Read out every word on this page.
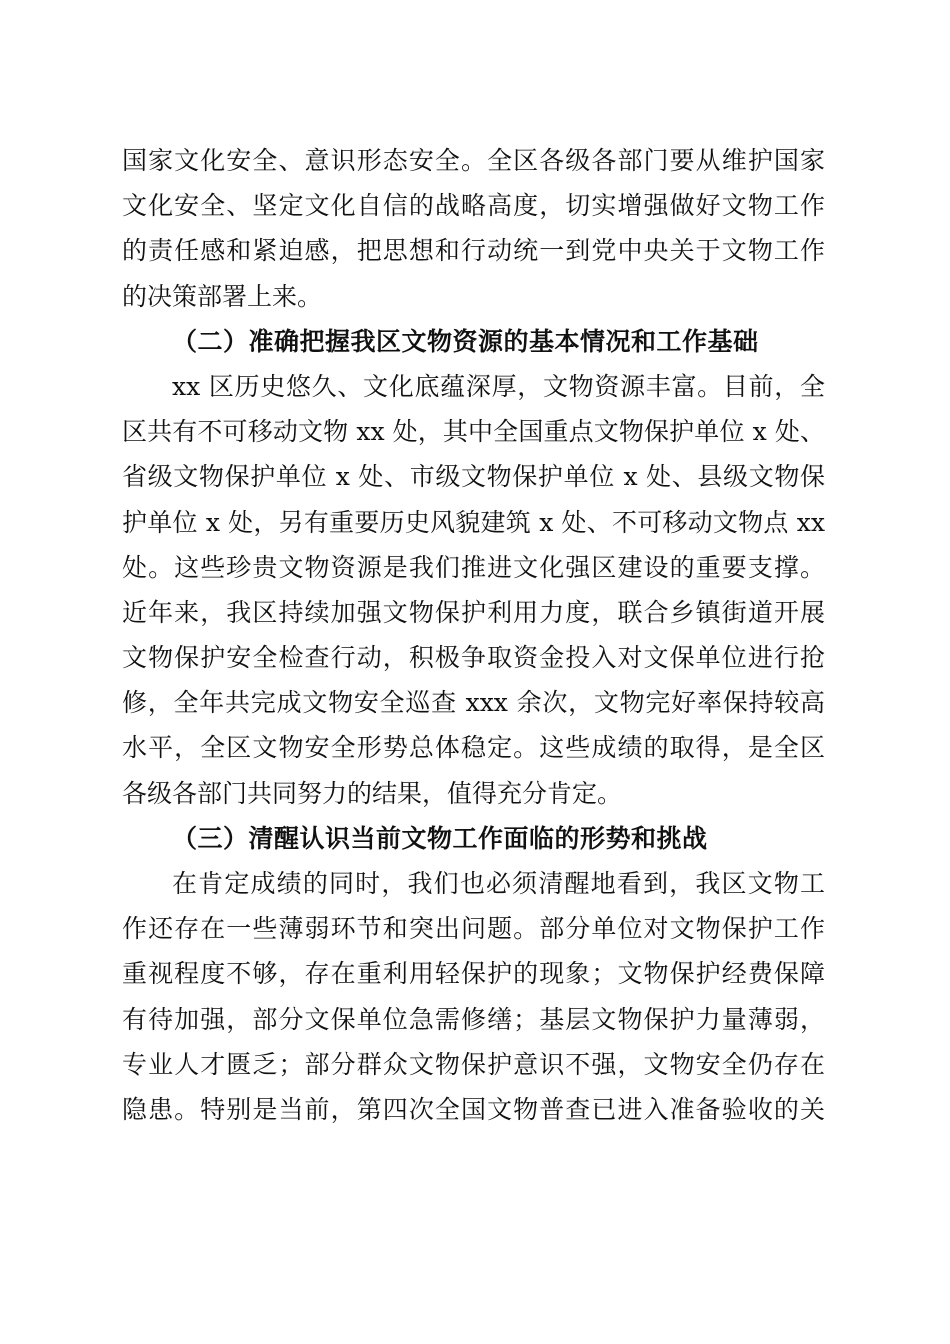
国家文化安全、意识形态安全。全区各级各部门要从维护国家
文化安全、坚定文化自信的战略高度，切实增强做好文物工作
的责任感和紧迫感，把思想和行动统一到党中央关于文物工作
的决策部署上来。
（二）准确把握我区文物资源的基本情况和工作基础
xx 区历史悠久、文化底蕴深厚，文物资源丰富。目前，全
区共有不可移动文物 xx 处，其中全国重点文物保护单位 x 处、
省级文物保护单位 x 处、市级文物保护单位 x 处、县级文物保
护单位 x 处，另有重要历史风貌建筑 x 处、不可移动文物点 xx
处。这些珍贵文物资源是我们推进文化强区建设的重要支撑。
近年来，我区持续加强文物保护利用力度，联合乡镇街道开展
文物保护安全检查行动，积极争取资金投入对文保单位进行抢
修，全年共完成文物安全巡查 xxx 余次，文物完好率保持较高
水平，全区文物安全形势总体稳定。这些成绩的取得，是全区
各级各部门共同努力的结果，值得充分肯定。
（三）清醒认识当前文物工作面临的形势和挑战
在肯定成绩的同时，我们也必须清醒地看到，我区文物工
作还存在一些薄弱环节和突出问题。部分单位对文物保护工作
重视程度不够，存在重利用轻保护的现象；文物保护经费保障
有待加强，部分文保单位急需修缮；基层文物保护力量薄弱，
专业人才匮乏；部分群众文物保护意识不强，文物安全仍存在
隐患。特别是当前，第四次全国文物普查已进入准备验收的关
